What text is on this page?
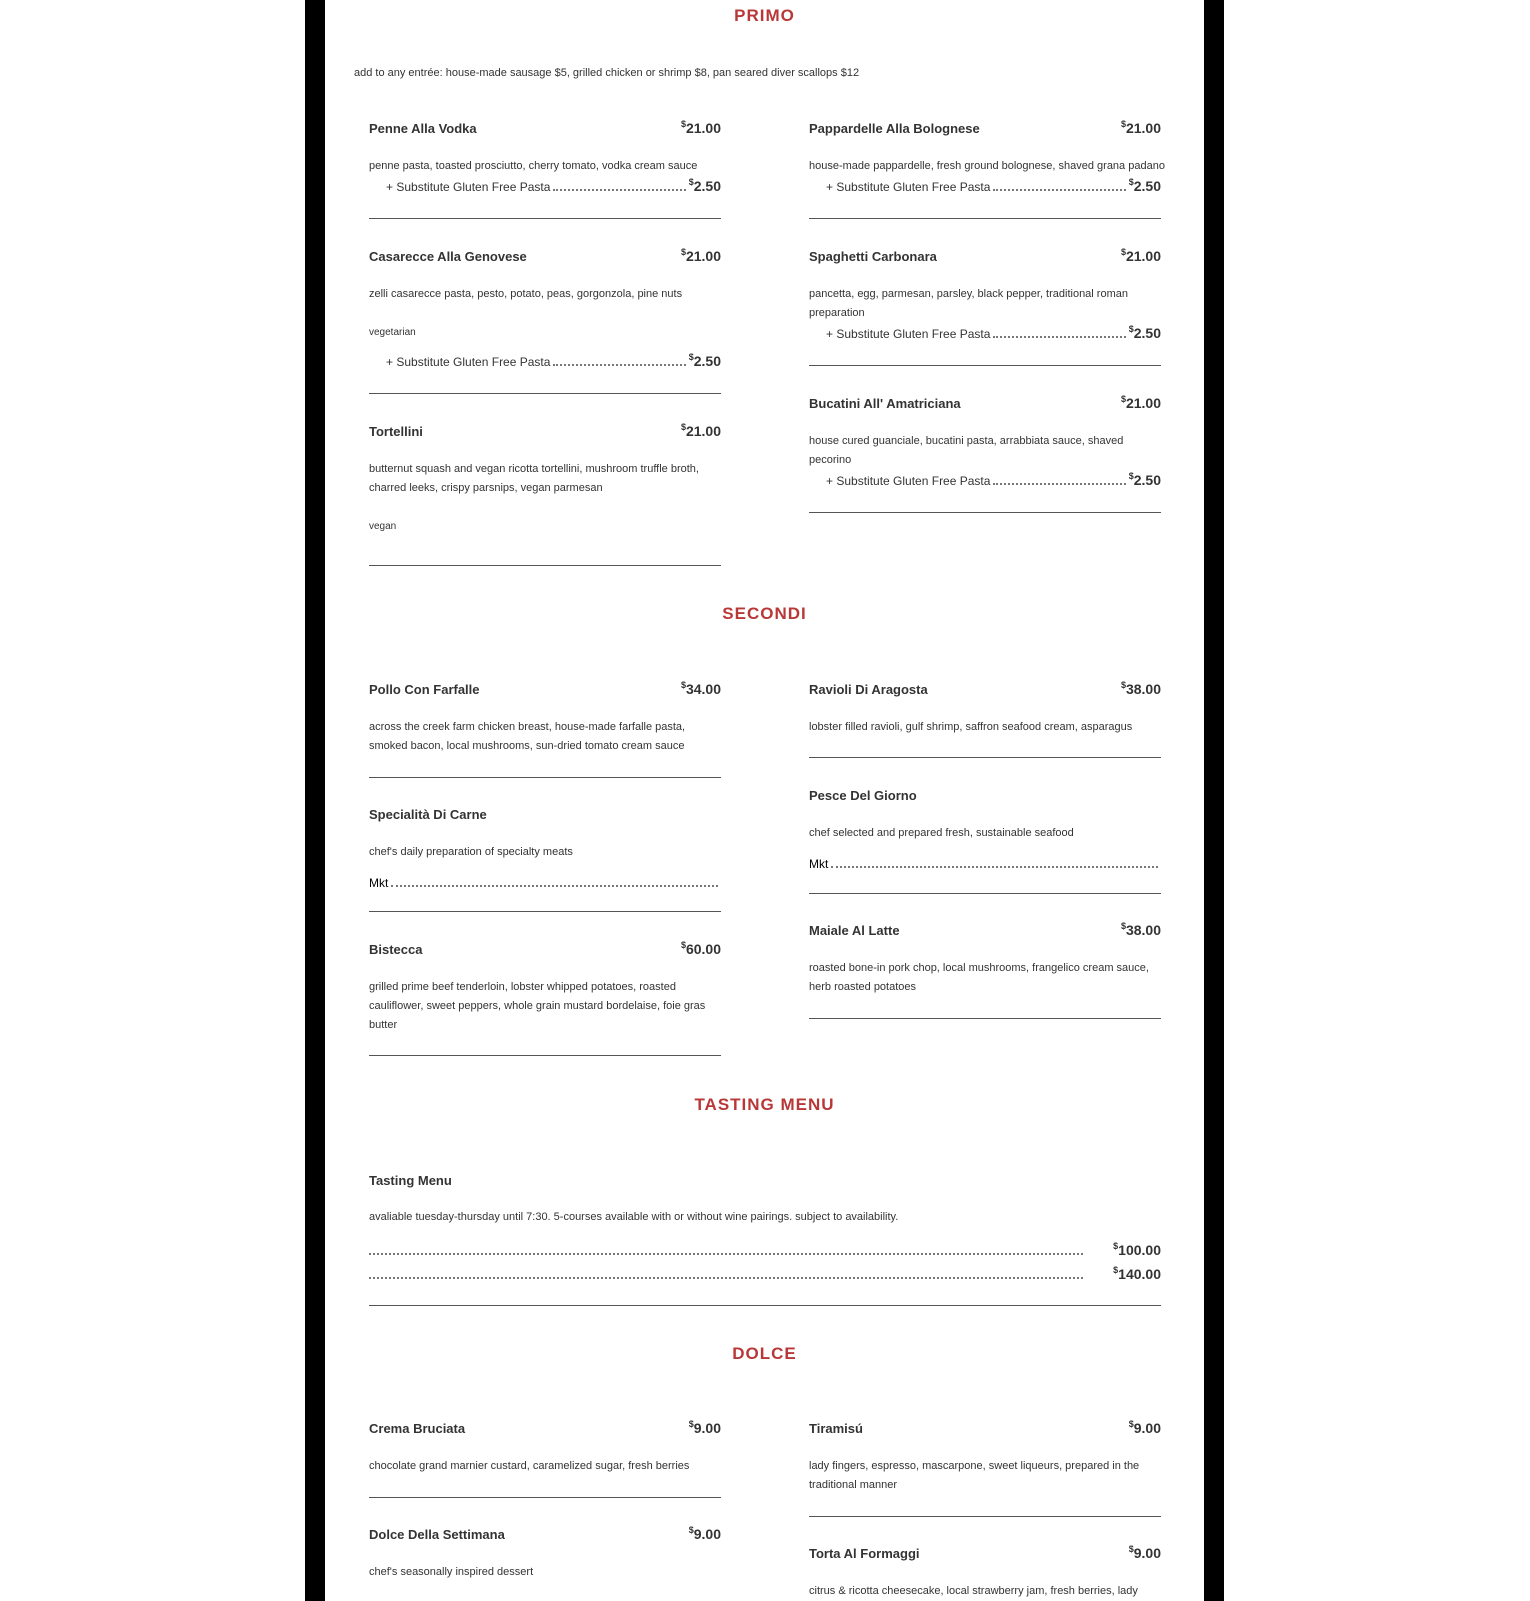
PRIMO
add to any entrée: house-made sausage $5, grilled chicken or shrimp $8, pan seared diver scallops $12
Penne Alla Vodka	$21.00
penne pasta, toasted prosciutto, cherry tomato, vodka cream sauce
+ Substitute Gluten Free Pasta	$2.50
Pappardelle Alla Bolognese	$21.00
house-made pappardelle, fresh ground bolognese, shaved grana padano
+ Substitute Gluten Free Pasta	$2.50
Casarecce Alla Genovese	$21.00
zelli casarecce pasta, pesto, potato, peas, gorgonzola, pine nuts
vegetarian
+ Substitute Gluten Free Pasta	$2.50
Spaghetti Carbonara	$21.00
pancetta, egg, parmesan, parsley, black pepper, traditional roman preparation
+ Substitute Gluten Free Pasta	$2.50
Bucatini All' Amatriciana	$21.00
house cured guanciale, bucatini pasta, arrabbiata sauce, shaved pecorino
+ Substitute Gluten Free Pasta	$2.50
Tortellini	$21.00
butternut squash and vegan ricotta tortellini, mushroom truffle broth, charred leeks, crispy parsnips, vegan parmesan
vegan
SECONDI
Pollo Con Farfalle	$34.00
across the creek farm chicken breast, house-made farfalle pasta, smoked bacon, local mushrooms, sun-dried tomato cream sauce
Ravioli Di Aragosta	$38.00
lobster filled ravioli, gulf shrimp, saffron seafood cream, asparagus
Specialità Di Carne
chef's daily preparation of specialty meats
Mkt
Pesce Del Giorno
chef selected and prepared fresh, sustainable seafood
Mkt
Bistecca	$60.00
grilled prime beef tenderloin, lobster whipped potatoes, roasted cauliflower, sweet peppers, whole grain mustard bordelaise, foie gras butter
Maiale Al Latte	$38.00
roasted bone-in pork chop, local mushrooms, frangelico cream sauce, herb roasted potatoes
TASTING MENU
Tasting Menu
avaliable tuesday-thursday until 7:30. 5-courses available with or without wine pairings. subject to availability.
$100.00
$140.00
DOLCE
Crema Bruciata	$9.00
chocolate grand marnier custard, caramelized sugar, fresh berries
Tiramisú	$9.00
lady fingers, espresso, mascarpone, sweet liqueurs, prepared in the traditional manner
Dolce Della Settimana	$9.00
chef's seasonally inspired dessert
Torta Al Formaggi	$9.00
citrus & ricotta cheesecake, local strawberry jam, fresh berries, lady
